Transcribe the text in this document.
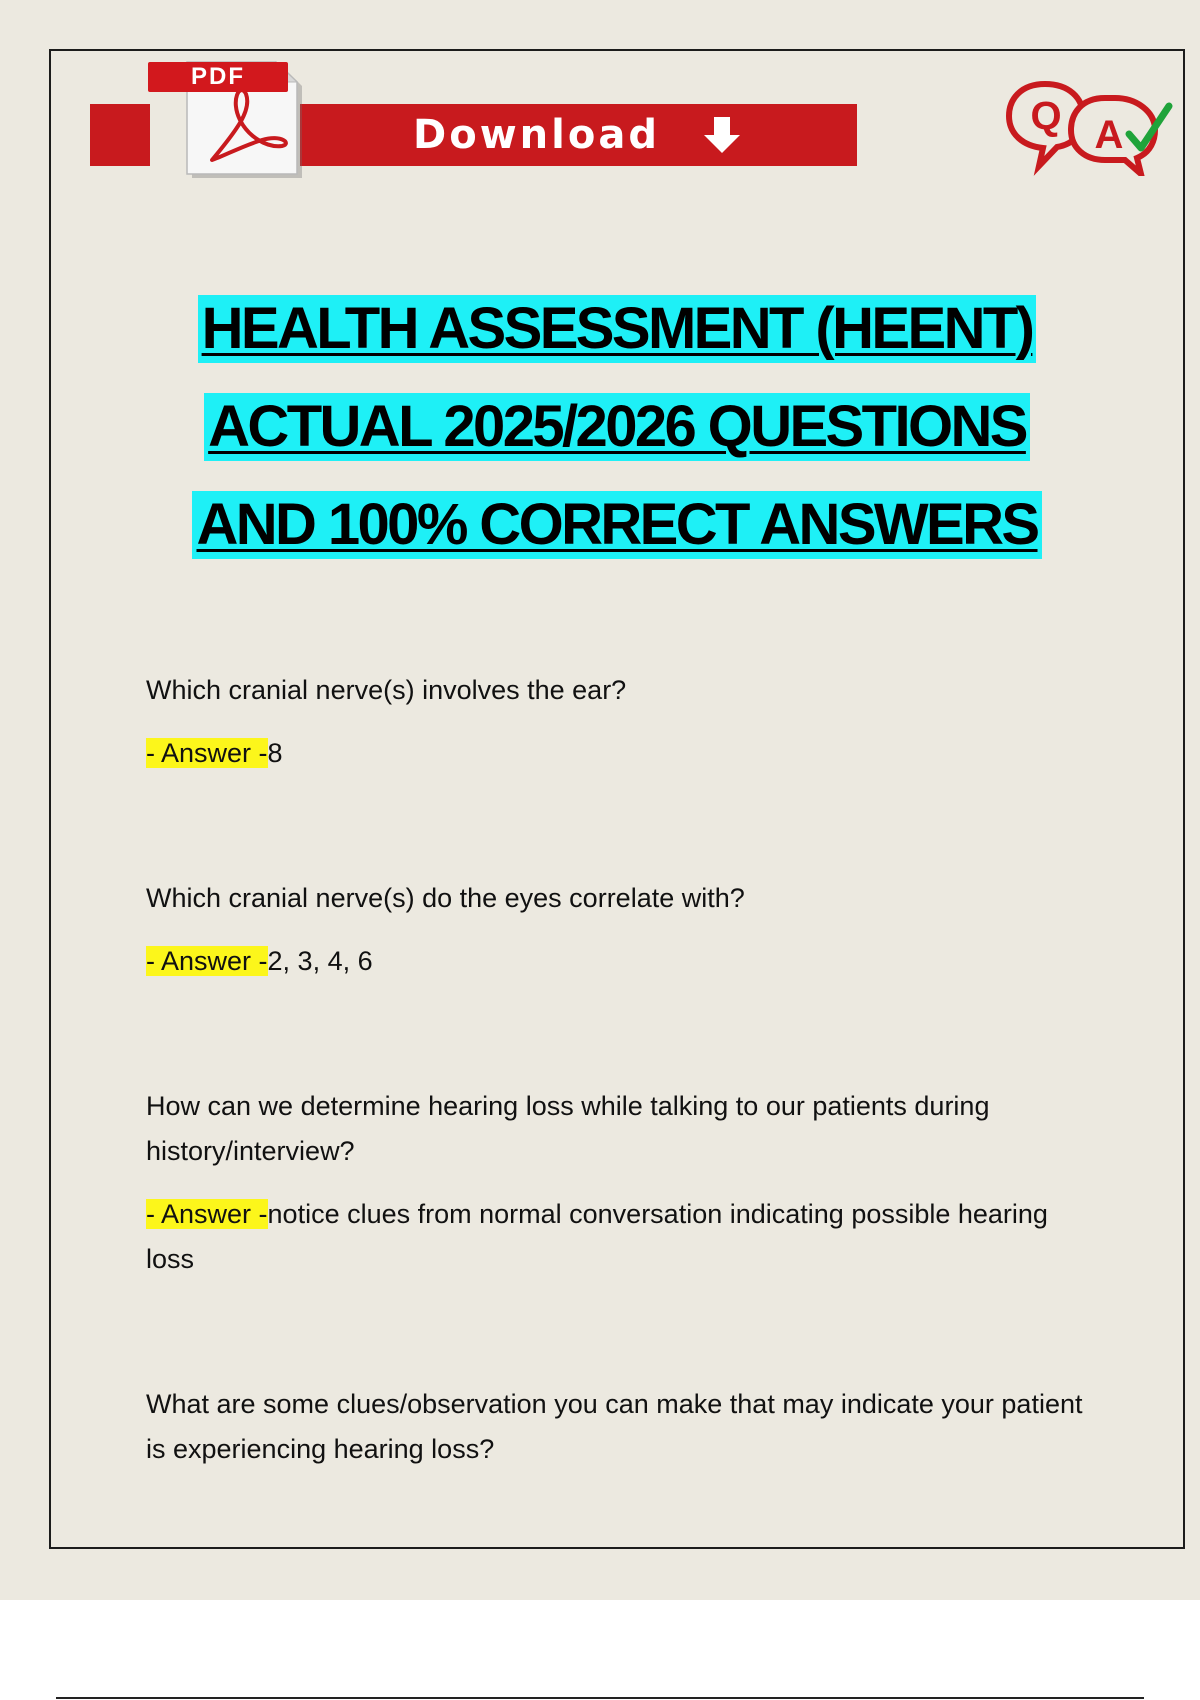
Download
PDF
Q A
HEALTH ASSESSMENT (HEENT)
ACTUAL 2025/2026 QUESTIONS
AND 100% CORRECT ANSWERS

Which cranial nerve(s) involves the ear?

- Answer -8

Which cranial nerve(s) do the eyes correlate with?

- Answer -2, 3, 4, 6

How can we determine hearing loss while talking to our patients during history/interview?

- Answer -notice clues from normal conversation indicating possible hearing loss

What are some clues/observation you can make that may indicate your patient is experiencing hearing loss?
